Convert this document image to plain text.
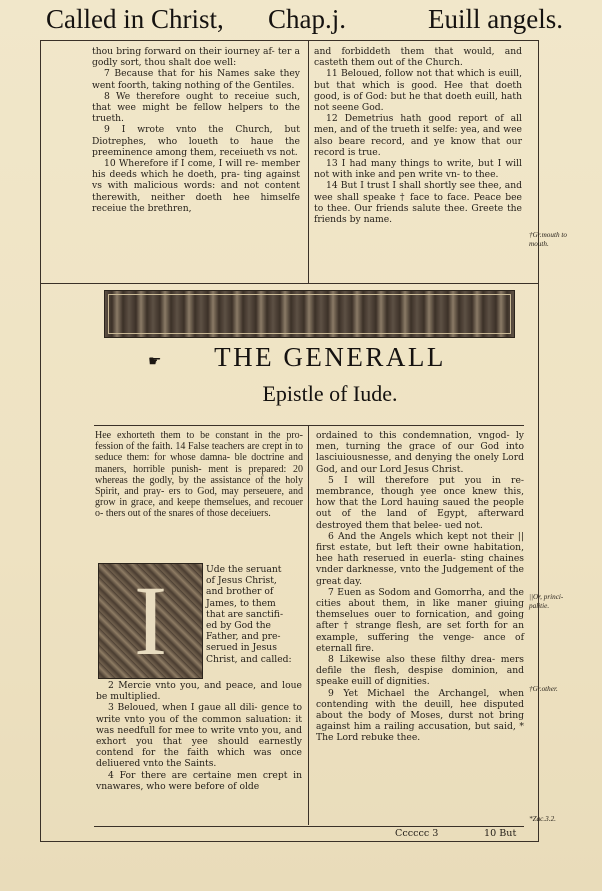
Called in Christ, Chap.j.	Euill angels.

thou bring forward on their iourney af- ter a godly sort, thou shalt doe well:

7 Because that for his Names sake they went foorth, taking nothing of the Gentiles.

8 We therefore ought to receiue such, that wee might be fellow helpers to the trueth.

9 I wrote vnto the Church, but Diotrephes, who loueth to haue the preeminence among them, receiueth vs not.

10 Wherefore if I come, I will re- member his deeds which he doeth, pra- ting against vs with malicious words: and not content therewith, neither doeth hee himselfe receiue the brethren,

and forbiddeth them that would, and casteth them out of the Church.

11 Beloued, follow not that which is euill, but that which is good. Hee that doeth good, is of God: but he that doeth euill, hath not seene God.

12 Demetrius hath good report of all men, and of the trueth it selfe: yea, and wee also beare record, and ye know that our record is true.

13 I had many things to write, but I will not with inke and pen write vn- to thee.

14 But I trust I shall shortly see thee, and wee shall speake † face to face. Peace bee to thee. Our friends salute thee. Greete the friends by name.

†Gr.mouth to mouth.
☛	THE GENERALL
Epistle of Iude.
Hee exhorteth them to be constant in the pro- fession of the faith. 14 False teachers are crept in to seduce them: for whose damna- ble doctrine and maners, horrible punish- ment is prepared: 20 whereas the godly, by the assistance of the holy Spirit, and pray- ers to God, may perseuere, and grow in grace, and keepe themselues, and recouer o- thers out of the snares of those deceiuers.
I	Ude the seruant
of Jesus Christ,
and brother of
James, to them
that are sanctifi-
ed by God the
Father, and pre-
serued in Jesus
Christ, and called:

2 Mercie vnto you, and peace, and loue be multiplied.

3 Beloued, when I gaue all dili- gence to write vnto you of the common saluation: it was needfull for mee to write vnto you, and exhort you that yee should earnestly contend for the faith which was once deliuered vnto the Saints.

4 For there are certaine men crept in vnawares, who were before of olde

ordained to this condemnation, vngod- ly men, turning the grace of our God into lasciuiousnesse, and denying the onely Lord God, and our Lord Jesus Christ.

5 I will therefore put you in re- membrance, though yee once knew this, how that the Lord hauing saued the people out of the land of Egypt, afterward destroyed them that belee- ued not.

6 And the Angels which kept not their || first estate, but left their owne habitation, hee hath reserued in euerla- sting chaines vnder darknesse, vnto the Judgement of the great day.

7 Euen as Sodom and Gomorrha, and the cities about them, in like maner giuing themselues ouer to fornication, and going after † strange flesh, are set forth for an example, suffering the venge- ance of eternall fire.

8 Likewise also these filthy drea- mers defile the flesh, despise dominion, and speake euill of dignities.

9 Yet Michael the Archangel, when contending with the deuill, hee disputed about the body of Moses, durst not bring against him a railing accusation, but said, * The Lord rebuke thee.

||Or, princi- palitie.
†Gr.other.
*Zac.3.2.
Cccccc 3	10 But
